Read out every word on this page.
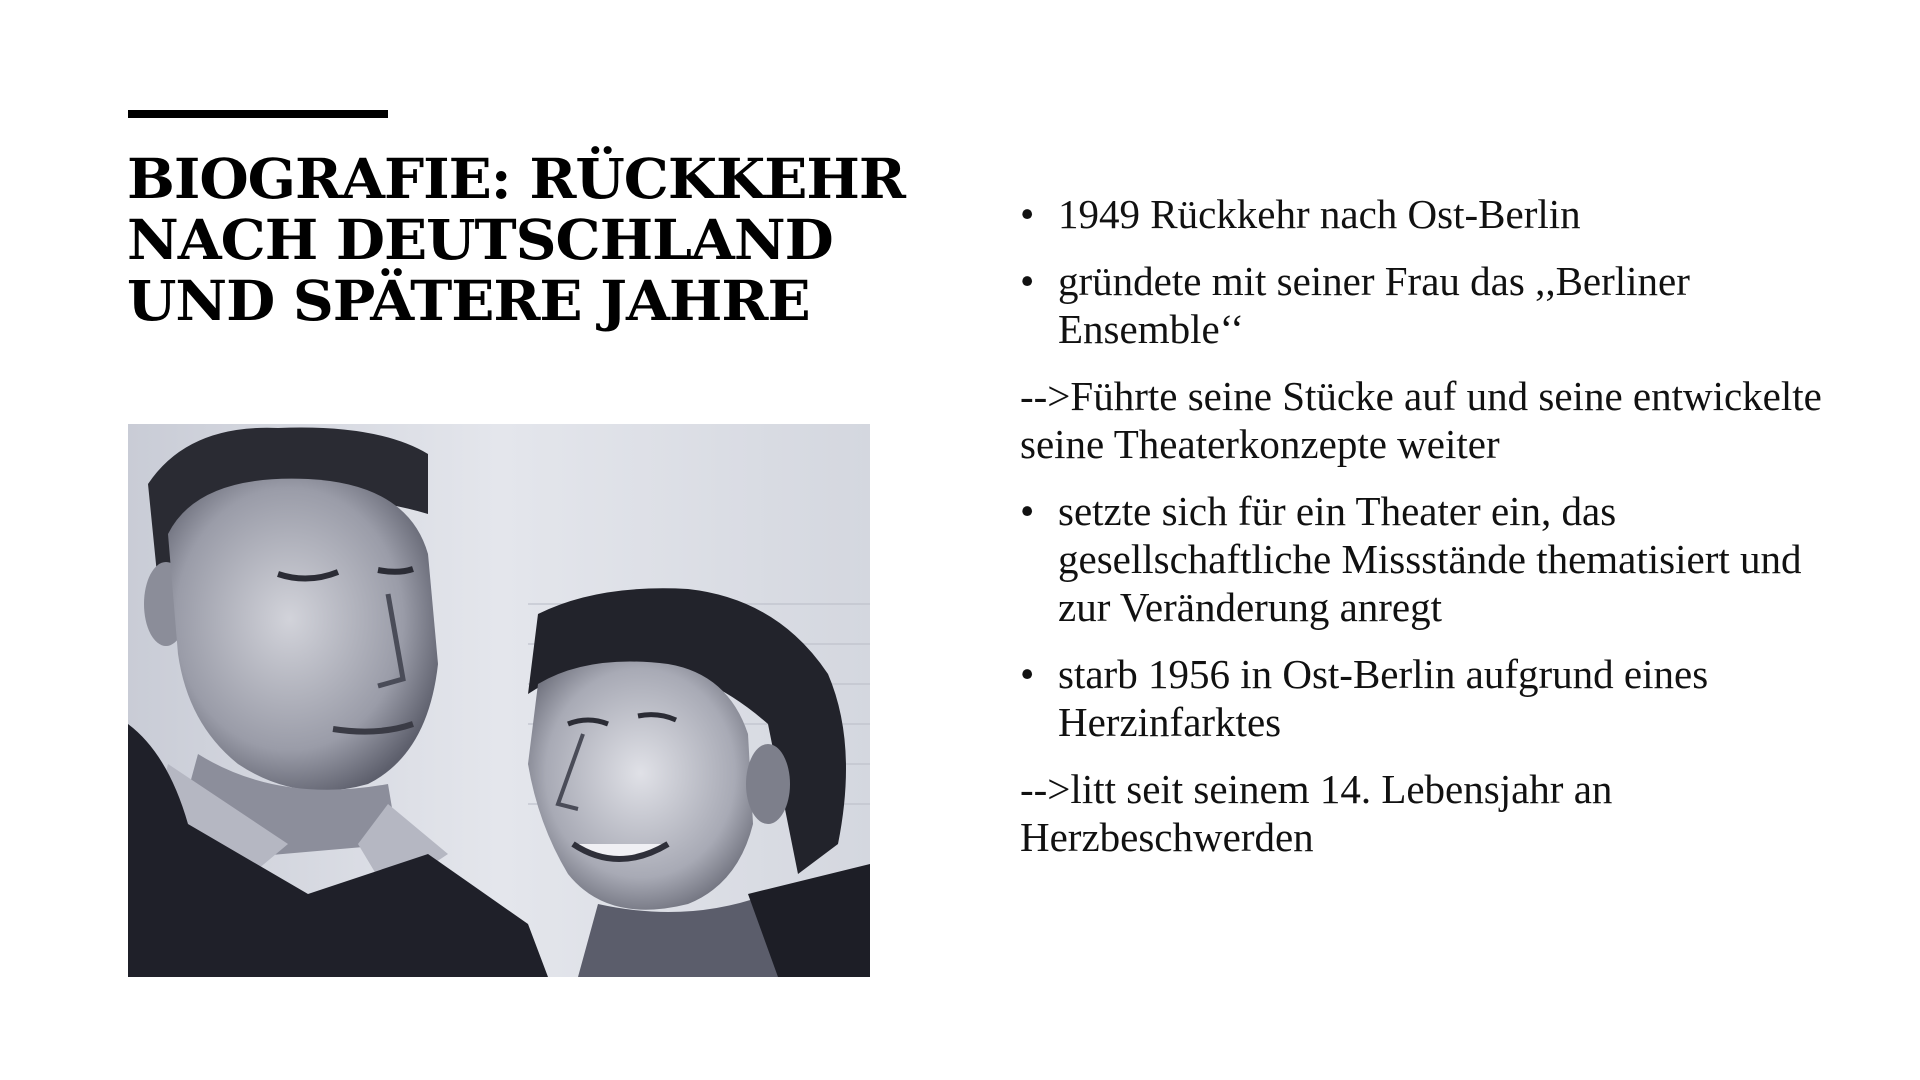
BIOGRAFIE: RÜCKKEHR
NACH DEUTSCHLAND
UND SPÄTERE JAHRE
• 1949 Rückkehr nach Ost-Berlin
• gründete mit seiner Frau das ,,Berliner Ensemble‘‘
-->Führte seine Stücke auf und seine entwickelte seine Theaterkonzepte weiter
• setzte sich für ein Theater ein, das gesellschaftliche Missstände thematisiert und zur Veränderung anregt
• starb 1956 in Ost-Berlin aufgrund eines Herzinfarktes
-->litt seit seinem 14. Lebensjahr an Herzbeschwerden
